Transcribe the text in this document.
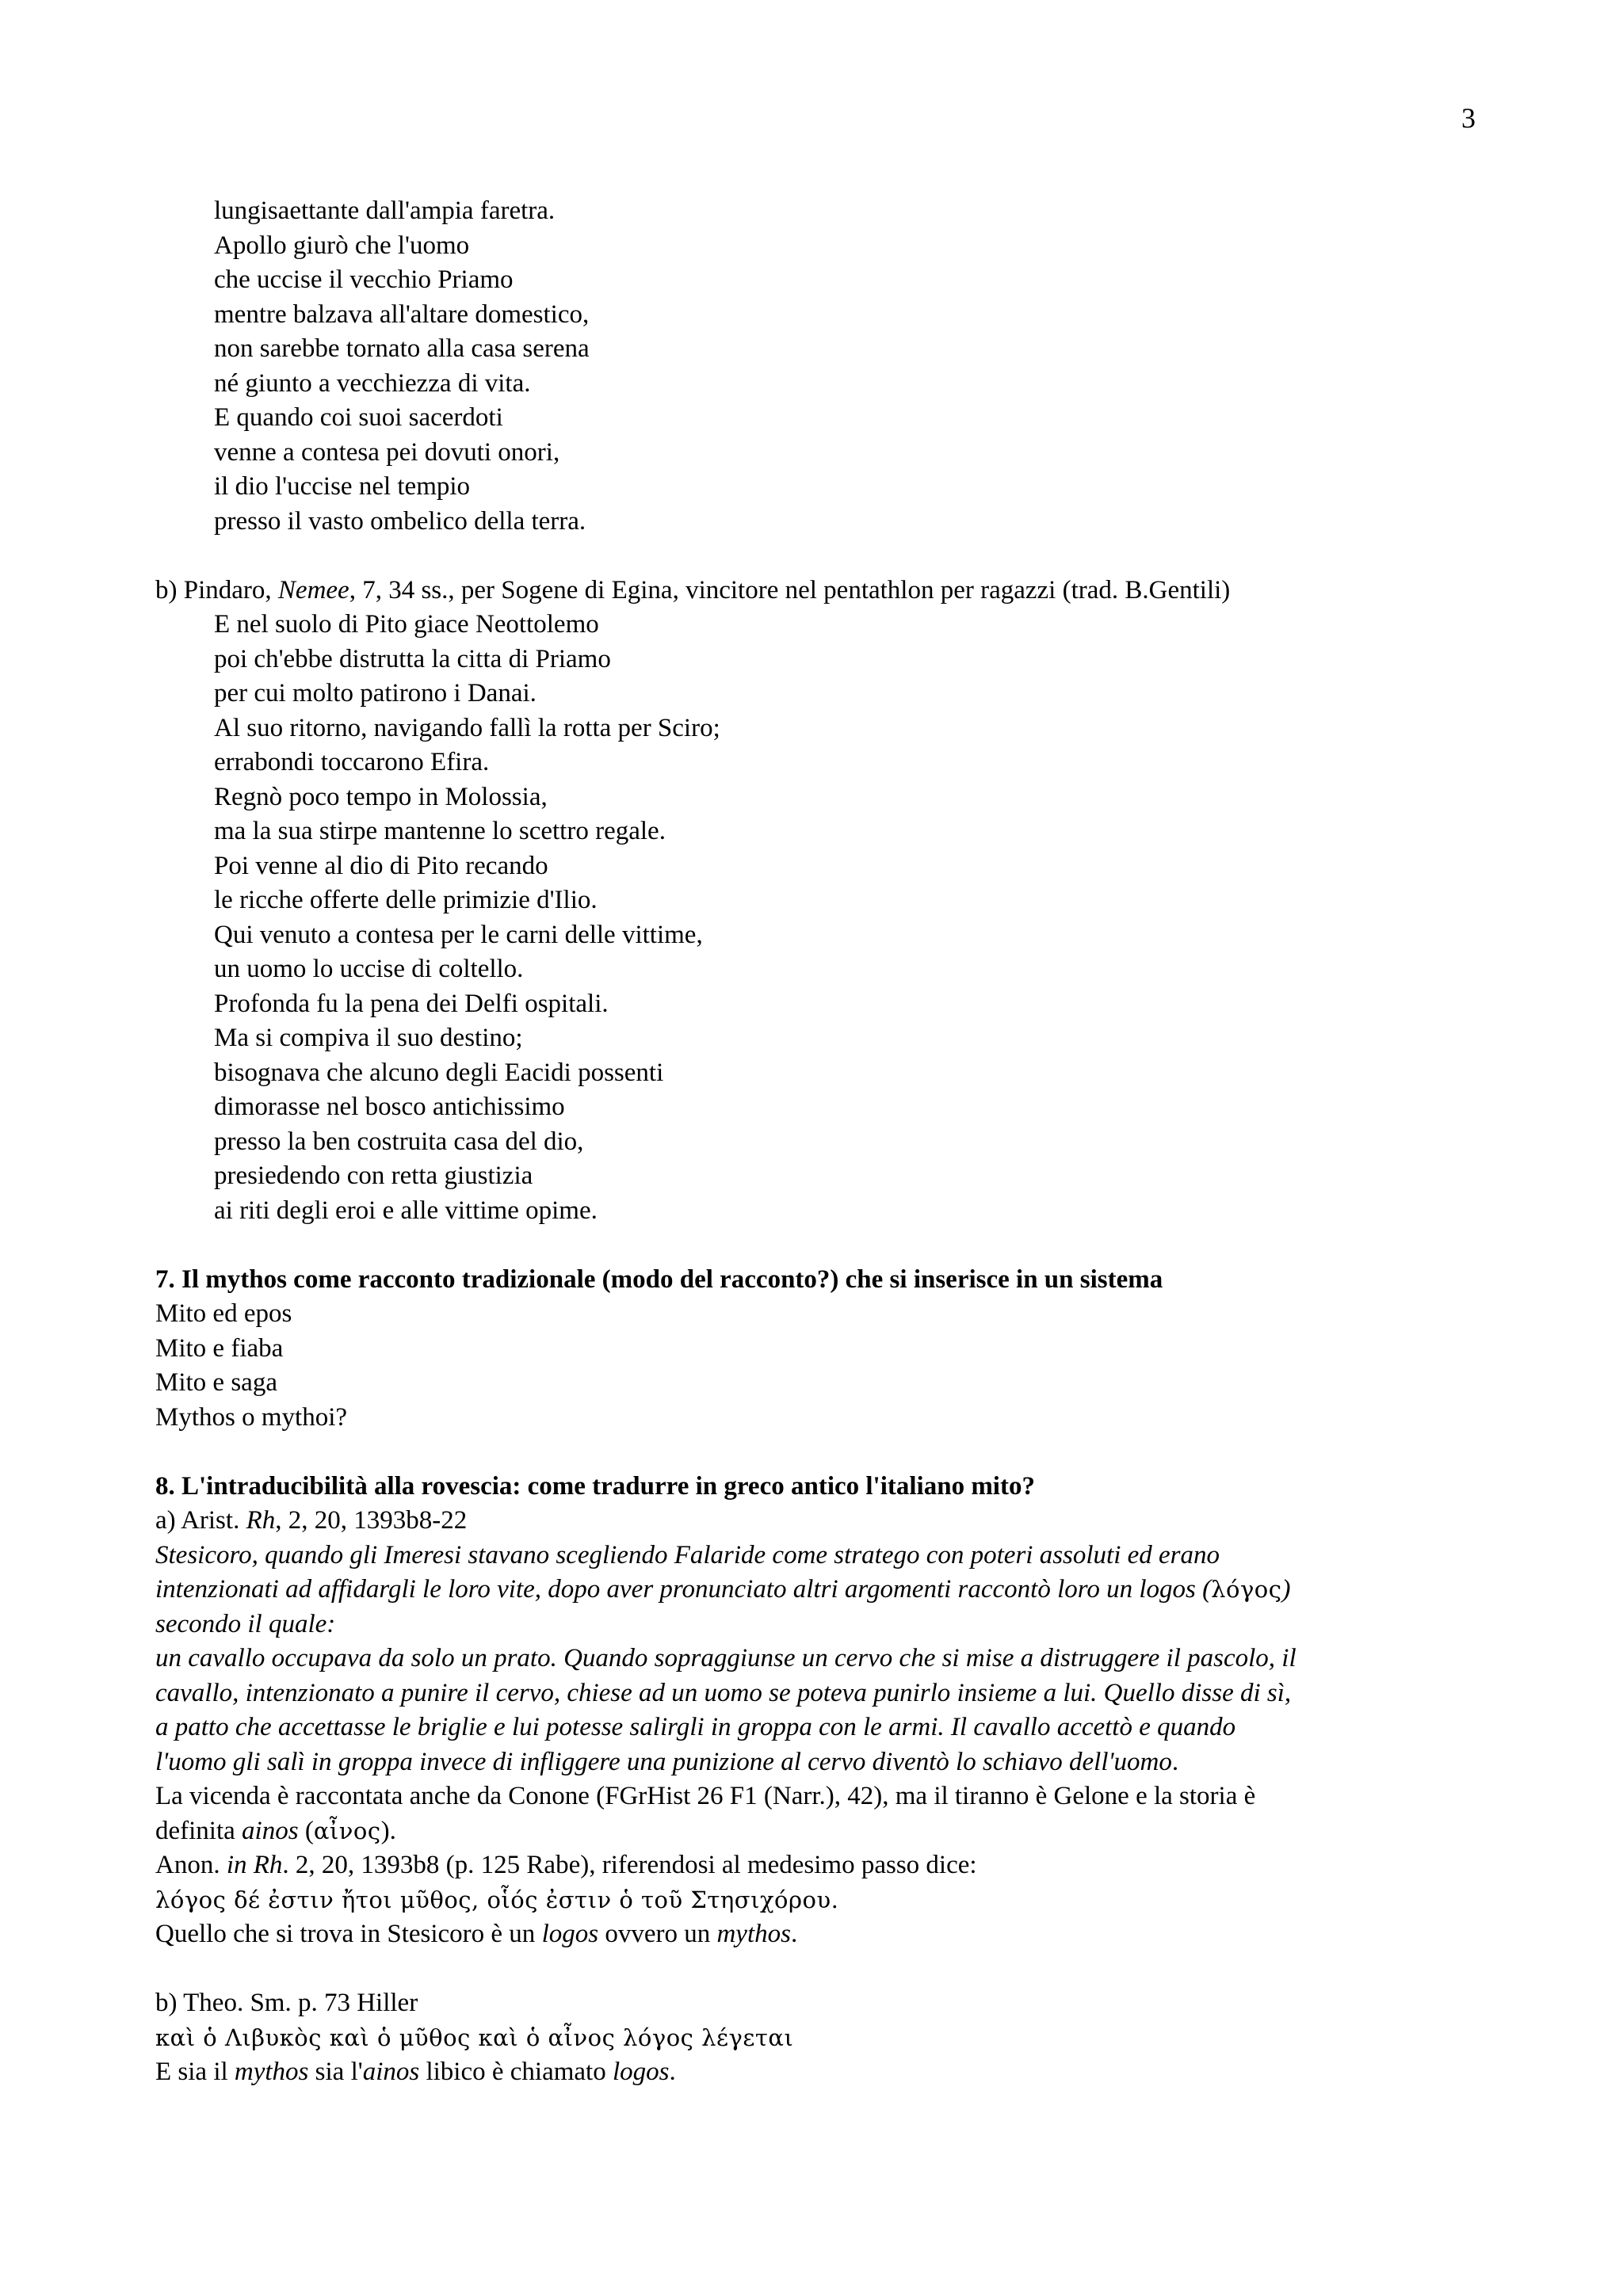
3
lungisaettante dall'ampia faretra.
Apollo giurò che l'uomo
che uccise il vecchio Priamo
mentre balzava all'altare domestico,
non sarebbe tornato alla casa serena
né giunto a vecchiezza di vita.
E quando coi suoi sacerdoti
venne a contesa pei dovuti onori,
il dio l'uccise nel tempio
presso il vasto ombelico della terra.
b) Pindaro, Nemee, 7, 34 ss., per Sogene di Egina, vincitore nel pentathlon per ragazzi (trad. B.Gentili)
E nel suolo di Pito giace Neottolemo
poi ch'ebbe distrutta la citta di Priamo
per cui molto patirono i Danai.
Al suo ritorno, navigando fallì la rotta per Sciro;
errabondi toccarono Efira.
Regnò poco tempo in Molossia,
ma la sua stirpe mantenne lo scettro regale.
Poi venne al dio di Pito recando
le ricche offerte delle primizie d'Ilio.
Qui venuto a contesa per le carni delle vittime,
un uomo lo uccise di coltello.
Profonda fu la pena dei Delfi ospitali.
Ma si compiva il suo destino;
bisognava che alcuno degli Eacidi possenti
dimorasse nel bosco antichissimo
presso la ben costruita casa del dio,
presiedendo con retta giustizia
ai riti degli eroi e alle vittime opime.
7. Il mythos come racconto tradizionale (modo del racconto?) che si inserisce in un sistema
Mito ed epos
Mito e fiaba
Mito e saga
Mythos o mythoi?
8. L'intraducibilità alla rovescia: come tradurre in greco antico l'italiano mito?
a) Arist. Rh, 2, 20, 1393b8-22
Stesicoro, quando gli Imeresi stavano scegliendo Falaride come stratego con poteri assoluti ed erano
intenzionati ad affidargli le loro vite, dopo aver pronunciato altri argomenti raccontò loro un logos (λόγος)
secondo il quale:
un cavallo occupava da solo un prato. Quando sopraggiunse un cervo che si mise a distruggere il pascolo, il
cavallo, intenzionato a punire il cervo, chiese ad un uomo se poteva punirlo insieme a lui. Quello disse di sì,
a patto che accettasse le briglie e lui potesse salirgli in groppa con le armi. Il cavallo accettò e quando
l'uomo gli salì in groppa invece di infliggere una punizione al cervo diventò lo schiavo dell'uomo.
La vicenda è raccontata anche da Conone (FGrHist 26 F1 (Narr.), 42), ma il tiranno è Gelone e la storia è
definita ainos (αἶνος).
Anon. in Rh. 2, 20, 1393b8 (p. 125 Rabe), riferendosi al medesimo passo dice:
λόγος δέ ἐστιν ἤτοι μῦθος, οἷός ἐστιν ὁ τοῦ Στησιχόρου.
Quello che si trova in Stesicoro è un logos ovvero un mythos.
b) Theo. Sm. p. 73 Hiller
καὶ ὁ Λιβυκὸς καὶ ὁ μῦθος καὶ ὁ αἶνος λόγος λέγεται
E sia il mythos sia l'ainos libico è chiamato logos.
